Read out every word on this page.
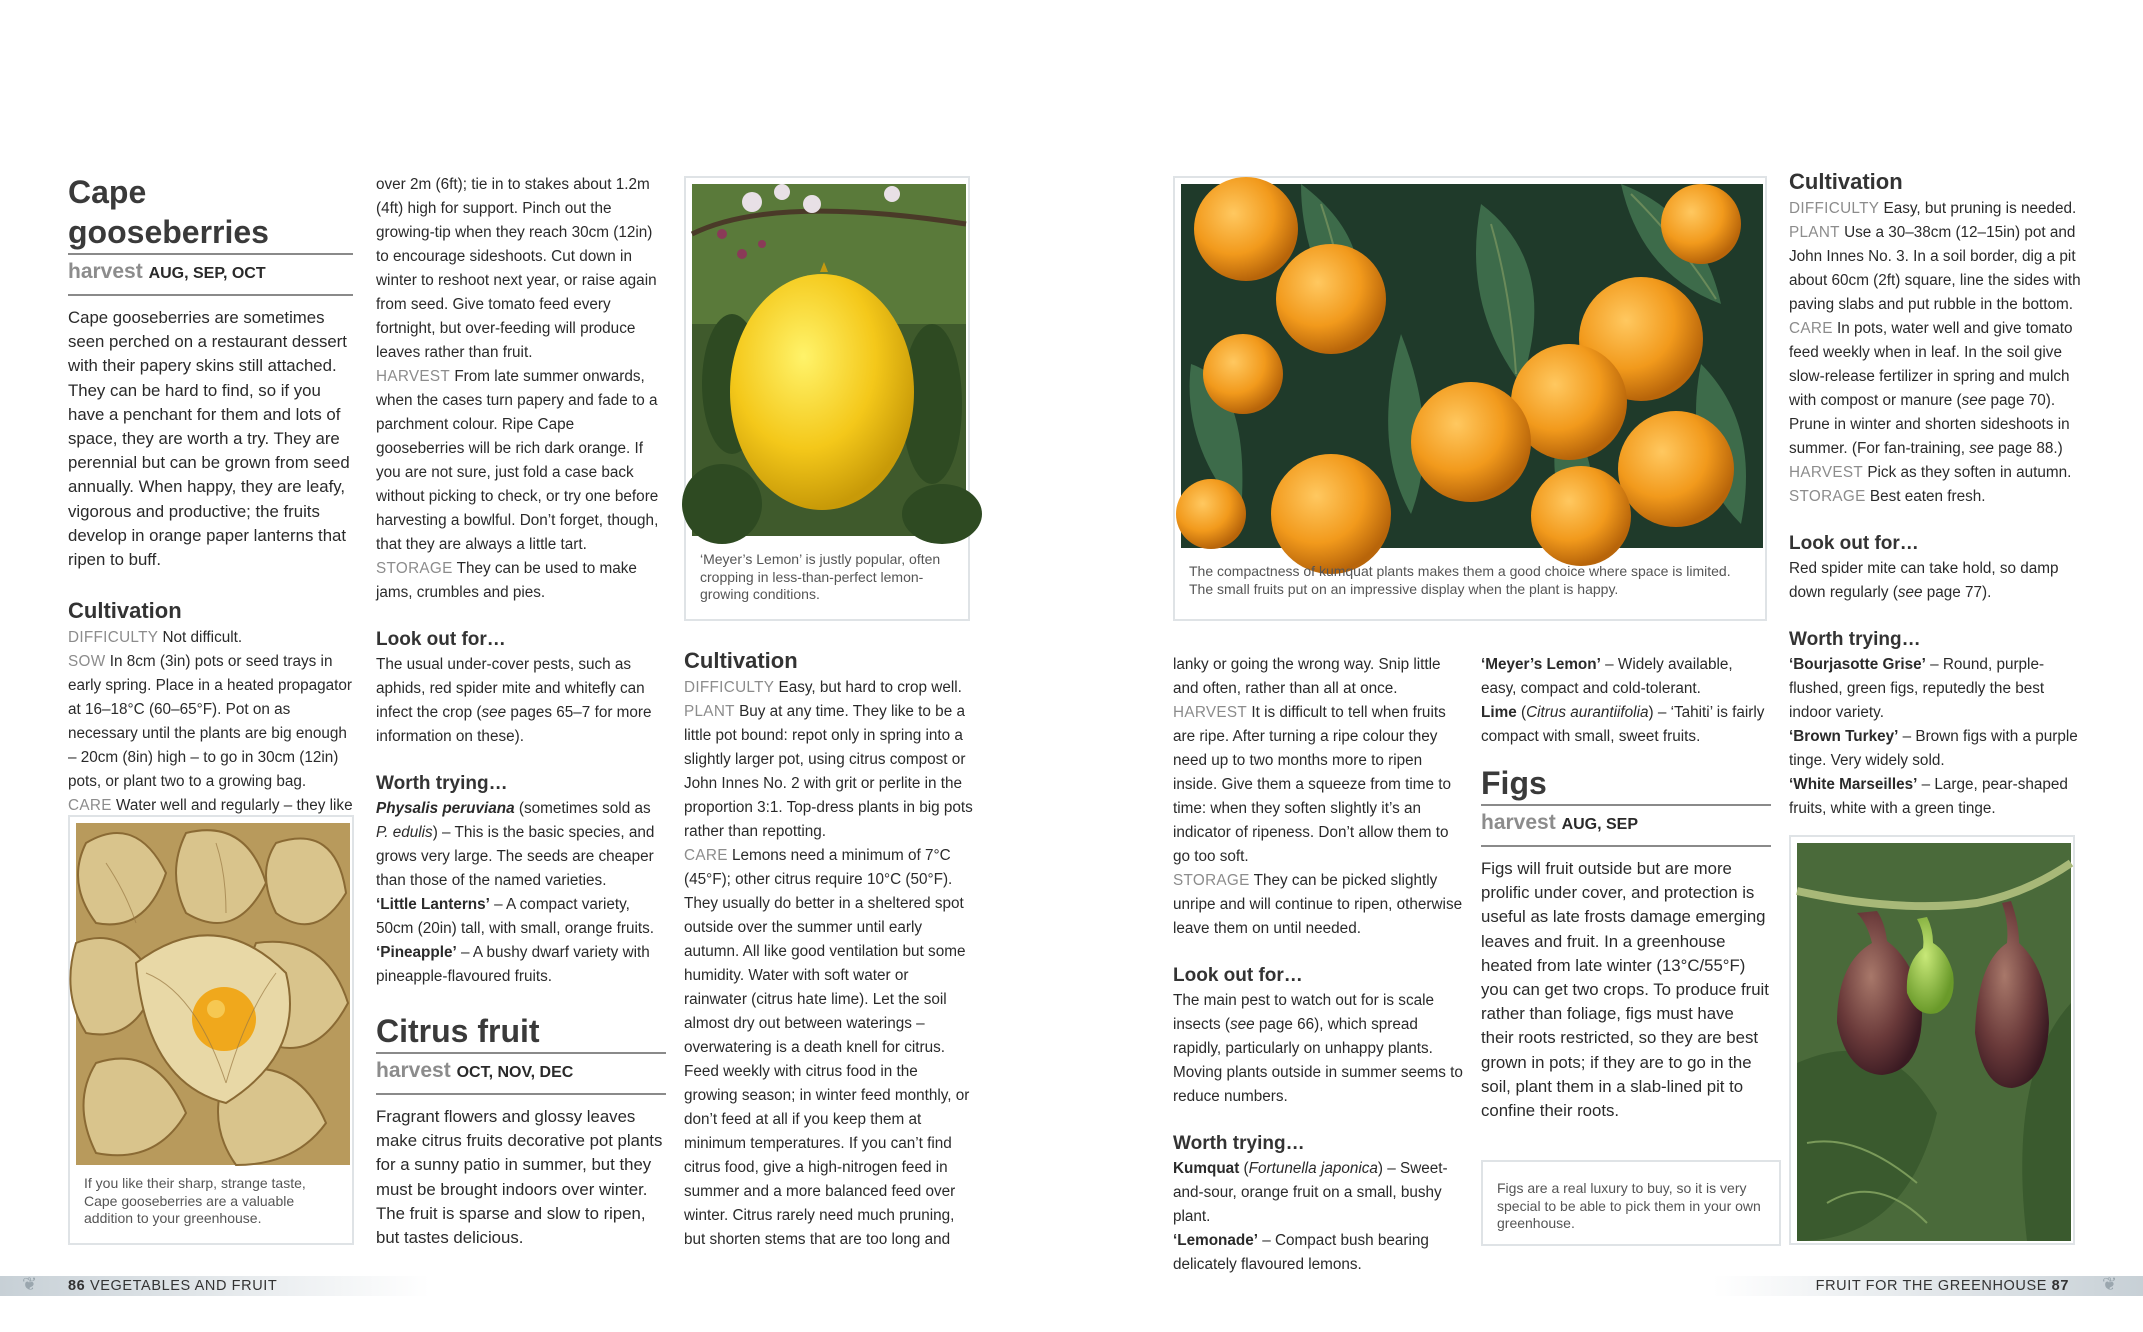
Cape gooseberries
harvest AUG, SEP, OCT

Cape gooseberries are sometimes seen perched on a restaurant dessert with their papery skins still attached. They can be hard to find, so if you have a penchant for them and lots of space, they are worth a try. They are perennial but can be grown from seed annually. When happy, they are leafy, vigorous and productive; the fruits develop in orange paper lanterns that ripen to buff.

Cultivation

DIFFICULTY Not difficult.

SOW In 8cm (3in) pots or seed trays in early spring. Place in a heated propagator at 16–18°C (60–65°F). Pot on as necessary until the plants are big enough – 20cm (8in) high – to go in 30cm (12in) pots, or plant two to a growing bag.

CARE Water well and regularly – they like

If you like their sharp, strange taste, Cape gooseberries are a valuable addition to your greenhouse.

over 2m (6ft); tie in to stakes about 1.2m (4ft) high for support. Pinch out the growing-tip when they reach 30cm (12in) to encourage sideshoots. Cut down in winter to reshoot next year, or raise again from seed. Give tomato feed every fortnight, but over-feeding will produce leaves rather than fruit.

HARVEST From late summer onwards, when the cases turn papery and fade to a parchment colour. Ripe Cape gooseberries will be rich dark orange. If you are not sure, just fold a case back without picking to check, or try one before harvesting a bowlful. Don’t forget, though, that they are always a little tart.

STORAGE They can be used to make jams, crumbles and pies.

Look out for…

The usual under-cover pests, such as aphids, red spider mite and whitefly can infect the crop (see pages 65–7 for more information on these).

Worth trying…

Physalis peruviana (sometimes sold as P. edulis) – This is the basic species, and grows very large. The seeds are cheaper than those of the named varieties.

‘Little Lanterns’ – A compact variety, 50cm (20in) tall, with small, orange fruits.

‘Pineapple’ – A bushy dwarf variety with pineapple-flavoured fruits.

Citrus fruit
harvest OCT, NOV, DEC

Fragrant flowers and glossy leaves make citrus fruits decorative pot plants for a sunny patio in summer, but they must be brought indoors over winter. The fruit is sparse and slow to ripen, but tastes delicious.

‘Meyer’s Lemon’ is justly popular, often cropping in less-than-perfect lemon-growing conditions.

Cultivation

DIFFICULTY Easy, but hard to crop well.

PLANT Buy at any time. They like to be a little pot bound: repot only in spring into a slightly larger pot, using citrus compost or John Innes No. 2 with grit or perlite in the proportion 3:1. Top-dress plants in big pots rather than repotting.

CARE Lemons need a minimum of 7°C (45°F); other citrus require 10°C (50°F). They usually do better in a sheltered spot outside over the summer until early autumn. All like good ventilation but some humidity. Water with soft water or rainwater (citrus hate lime). Let the soil almost dry out between waterings – overwatering is a death knell for citrus. Feed weekly with citrus food in the growing season; in winter feed monthly, or don’t feed at all if you keep them at minimum temperatures. If you can’t find citrus food, give a high-nitrogen feed in summer and a more balanced feed over winter. Citrus rarely need much pruning, but shorten stems that are too long and

❦ 86 VEGETABLES AND FRUIT
The compactness of kumquat plants makes them a good choice where space is limited. The small fruits put on an impressive display when the plant is happy.

lanky or going the wrong way. Snip little and often, rather than all at once.

HARVEST It is difficult to tell when fruits are ripe. After turning a ripe colour they need up to two months more to ripen inside. Give them a squeeze from time to time: when they soften slightly it’s an indicator of ripeness. Don’t allow them to go too soft.

STORAGE They can be picked slightly unripe and will continue to ripen, otherwise leave them on until needed.

Look out for…

The main pest to watch out for is scale insects (see page 66), which spread rapidly, particularly on unhappy plants. Moving plants outside in summer seems to reduce numbers.

Worth trying…

Kumquat (Fortunella japonica) – Sweet-and-sour, orange fruit on a small, bushy plant.

‘Lemonade’ – Compact bush bearing delicately flavoured lemons.

‘Meyer’s Lemon’ – Widely available, easy, compact and cold-tolerant.

Lime (Citrus aurantiifolia) – ‘Tahiti’ is fairly compact with small, sweet fruits.

Figs
harvest AUG, SEP

Figs will fruit outside but are more prolific under cover, and protection is useful as late frosts damage emerging leaves and fruit. In a greenhouse heated from late winter (13°C/55°F) you can get two crops. To produce fruit rather than foliage, figs must have their roots restricted, so they are best grown in pots; if they are to go in the soil, plant them in a slab-lined pit to confine their roots.

Figs are a real luxury to buy, so it is very special to be able to pick them in your own greenhouse.

Cultivation

DIFFICULTY Easy, but pruning is needed.

PLANT Use a 30–38cm (12–15in) pot and John Innes No. 3. In a soil border, dig a pit about 60cm (2ft) square, line the sides with paving slabs and put rubble in the bottom.

CARE In pots, water well and give tomato feed weekly when in leaf. In the soil give slow-release fertilizer in spring and mulch with compost or manure (see page 70). Prune in winter and shorten sideshoots in summer. (For fan-training, see page 88.)

HARVEST Pick as they soften in autumn.

STORAGE Best eaten fresh.

Look out for…

Red spider mite can take hold, so damp down regularly (see page 77).

Worth trying…

‘Bourjasotte Grise’ – Round, purple-flushed, green figs, reputedly the best indoor variety.

‘Brown Turkey’ – Brown figs with a purple tinge. Very widely sold.

‘White Marseilles’ – Large, pear-shaped fruits, white with a green tinge.

❦
FRUIT FOR THE GREENHOUSE 87
